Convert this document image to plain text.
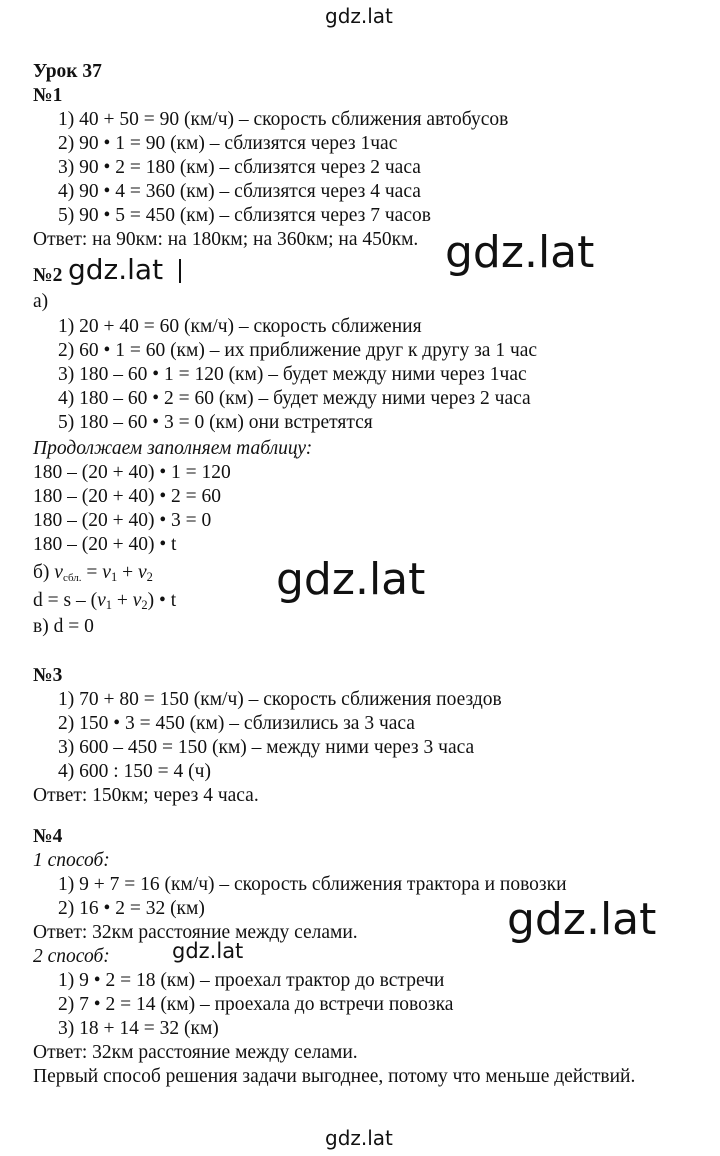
gdz.lat
Урок 37
№1
1) 40 + 50 = 90 (км/ч) – скорость сближения автобусов
2) 90 • 1 = 90 (км) – сблизятся через 1час
3) 90 • 2 = 180 (км) – сблизятся через 2 часа
4) 90 • 4 = 360 (км) – сблизятся через 4 часа
5) 90 • 5 = 450 (км) – сблизятся через 7 часов
Ответ: на 90км: на 180км; на 360км; на 450км. gdz.lat
№2 gdz.lat
а)
1) 20 + 40 = 60 (км/ч) – скорость сближения
2) 60 • 1 = 60 (км) – их приближение друг к другу за 1 час
3) 180 – 60 • 1 = 120 (км) – будет между ними через 1час
4) 180 – 60 • 2 = 60 (км) – будет между ними через 2 часа
5) 180 – 60 • 3 = 0 (км) они встретятся
Продолжаем заполняем таблицу:
180 – (20 + 40) • 1 = 120
180 – (20 + 40) • 2 = 60
180 – (20 + 40) • 3 = 0
180 – (20 + 40) • t
б) vсбл. = $v_1 + v_2$	gdz.lat
$d = s - (v_1 + v_2)$ • t
в) d = 0
№3
1) 70 + 80 = 150 (км/ч) – скорость сближения поездов
2) 150 • 3 = 450 (км) – сблизились за 3 часа
3) 600 – 450 = 150 (км) – между ними через 3 часа
4) 600 : 150 = 4 (ч)
Ответ: 150км; через 4 часа.
№4
1 способ:
1) 9 + 7 = 16 (км/ч) – скорость сближения трактора и повозки
2) 16 • 2 = 32 (км)
Ответ: 32км расстояние между селами.	gdz.lat
2 способ:	gdz.lat
1) 9 • 2 = 18 (км) – проехал трактор до встречи
2) 7 • 2 = 14 (км) – проехала до встречи повозка
3) 18 + 14 = 32 (км)
Ответ: 32км расстояние между селами.
Первый способ решения задачи выгоднее, потому что меньше действий.
gdz.lat
